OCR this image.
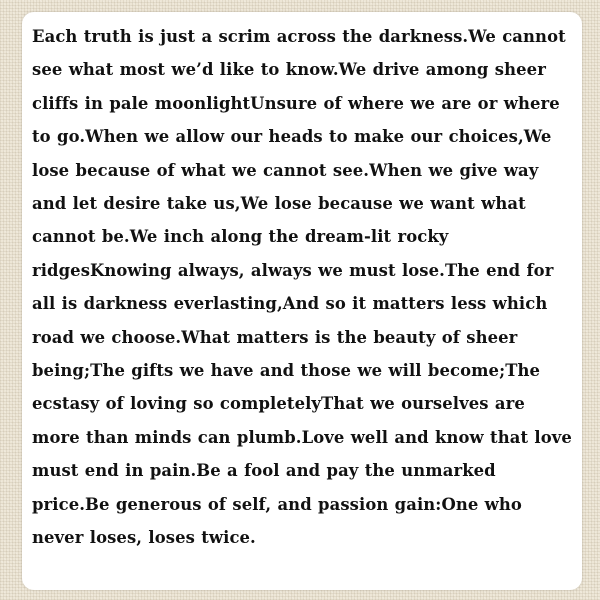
Each truth is just a scrim across the darkness.We cannot see what most we’d like to know.We drive among sheer cliffs in pale moonlightUnsure of where we are or where to go.When we allow our heads to make our choices,We lose because of what we cannot see.When we give way and let desire take us,We lose because we want what cannot be.We inch along the dream-lit rocky ridgesKnowing always, always we must lose.The end for all is darkness everlasting,And so it matters less which road we choose.What matters is the beauty of sheer being;The gifts we have and those we will become;The ecstasy of loving so completelyThat we ourselves are more than minds can plumb.Love well and know that love must end in pain.Be a fool and pay the unmarked price.Be generous of self, and passion gain:One who never loses, loses twice.
